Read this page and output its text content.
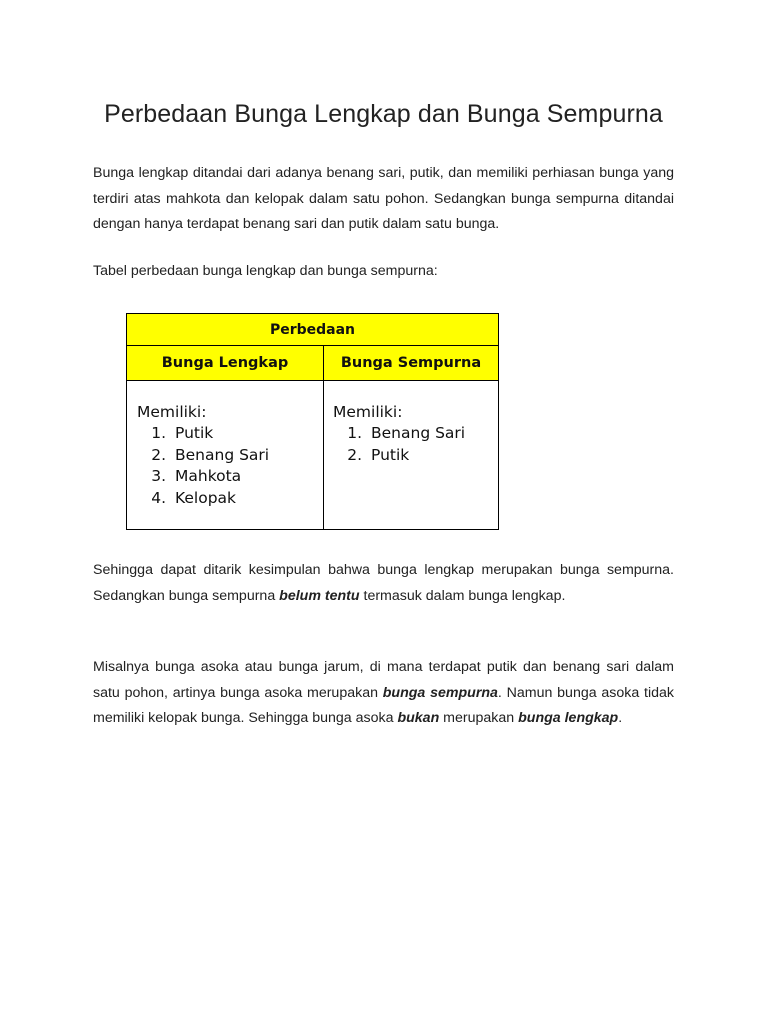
Perbedaan Bunga Lengkap dan Bunga Sempurna

Bunga lengkap ditandai dari adanya benang sari, putik, dan memiliki perhiasan bunga yang terdiri atas mahkota dan kelopak dalam satu pohon. Sedangkan bunga sempurna ditandai dengan hanya terdapat benang sari dan putik dalam satu bunga.

Tabel perbedaan bunga lengkap dan bunga sempurna:

Sehingga dapat ditarik kesimpulan bahwa bunga lengkap merupakan bunga sempurna. Sedangkan bunga sempurna belum tentu termasuk dalam bunga lengkap.

Misalnya bunga asoka atau bunga jarum, di mana terdapat putik dan benang sari dalam satu pohon, artinya bunga asoka merupakan bunga sempurna. Namun bunga asoka tidak memiliki kelopak bunga. Sehingga bunga asoka bukan merupakan bunga lengkap.

Perbedaan
Bunga Lengkap	Bunga Sempurna
Memiliki:
1. Putik
2. Benang Sari
3. Mahkota
4. Kelopak
Memiliki:
1. Benang Sari
2. Putik
